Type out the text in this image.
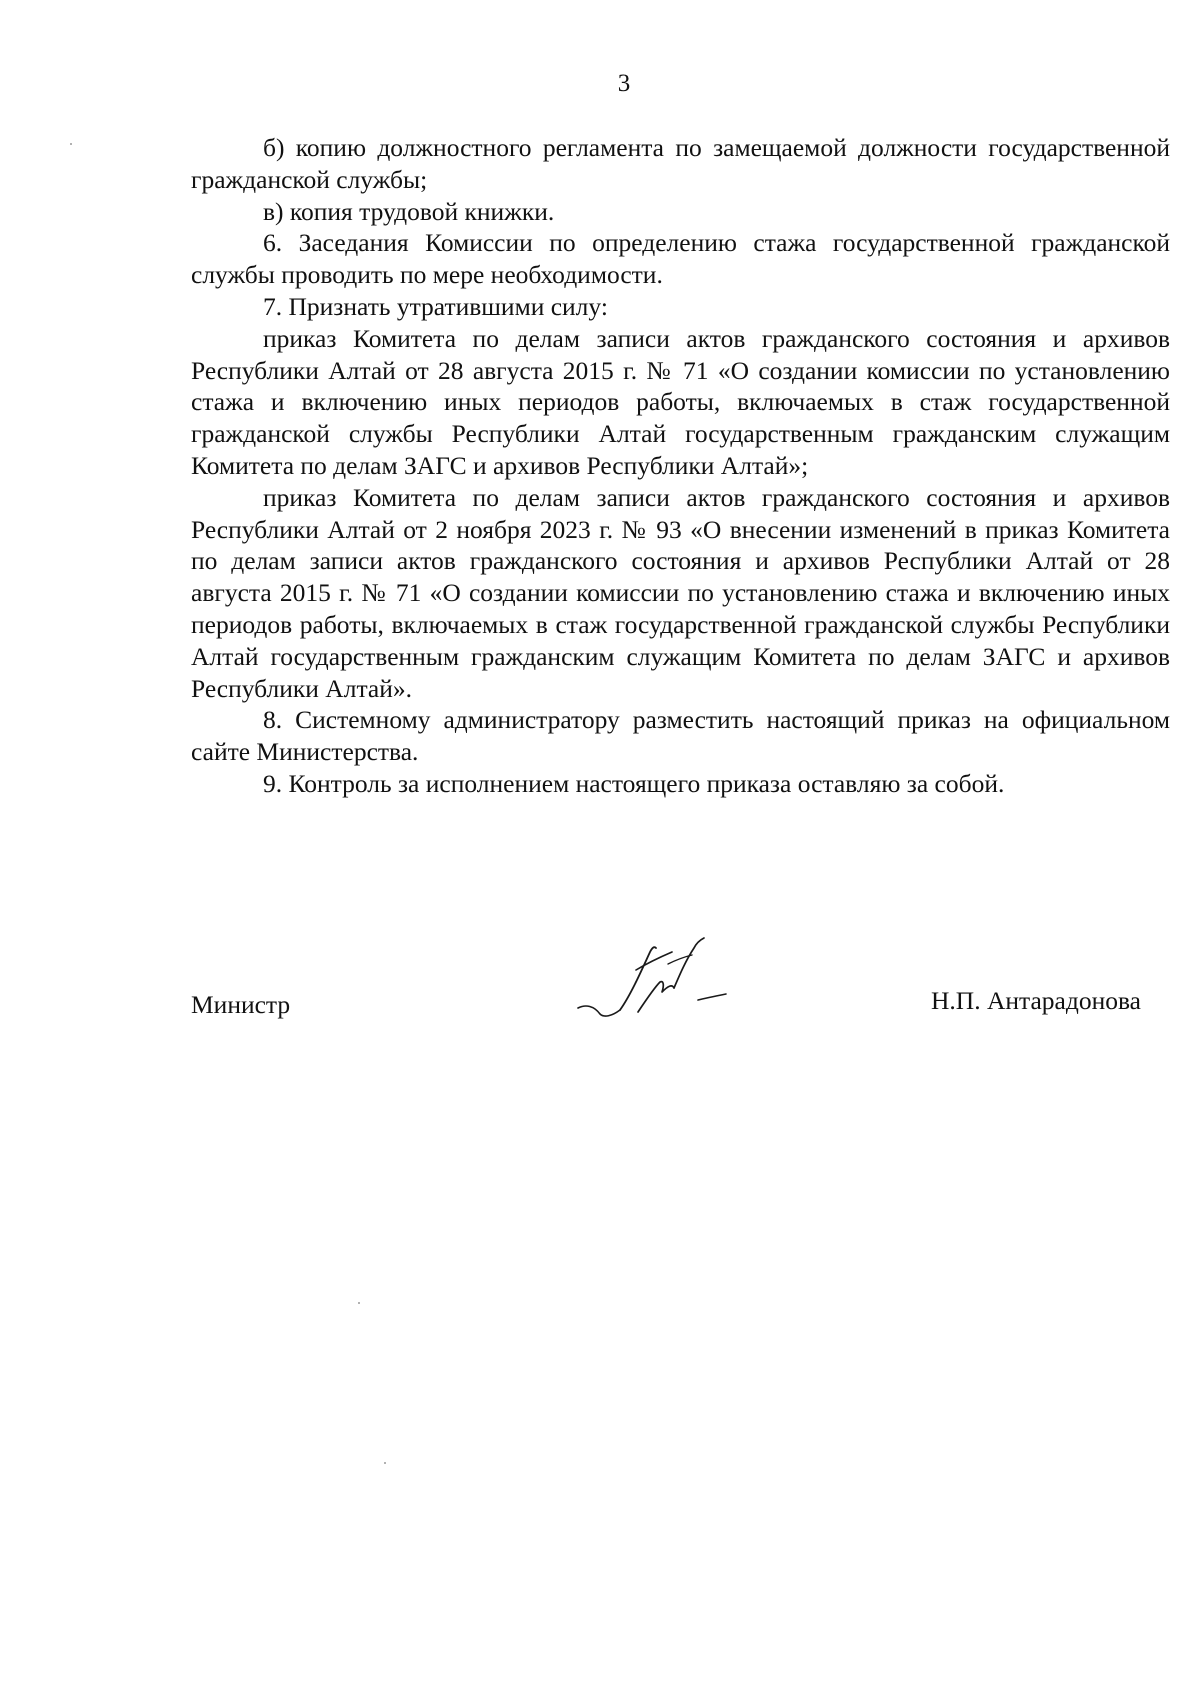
3

б) копию должностного регламента по замещаемой должности государственной гражданской службы;

в) копия трудовой книжки.

6. Заседания Комиссии по определению стажа государственной гражданской службы проводить по мере необходимости.

7. Признать утратившими силу:

приказ Комитета по делам записи актов гражданского состояния и архивов Республики Алтай от 28 августа 2015 г. № 71 «О создании комиссии по установлению стажа и включению иных периодов работы, включаемых в стаж государственной гражданской службы Республики Алтай государственным гражданским служащим Комитета по делам ЗАГС и архивов Республики Алтай»;

приказ Комитета по делам записи актов гражданского состояния и архивов Республики Алтай от 2 ноября 2023 г. № 93 «О внесении изменений в приказ Комитета по делам записи актов гражданского состояния и архивов Республики Алтай от 28 августа 2015 г. № 71 «О создании комиссии по установлению стажа и включению иных периодов работы, включаемых в стаж государственной гражданской службы Республики Алтай государственным гражданским служащим Комитета по делам ЗАГС и архивов Республики Алтай».

8. Системному администратору разместить настоящий приказ на официальном сайте Министерства.

9. Контроль за исполнением настоящего приказа оставляю за собой.

Министр	Н.П. Антарадонова
